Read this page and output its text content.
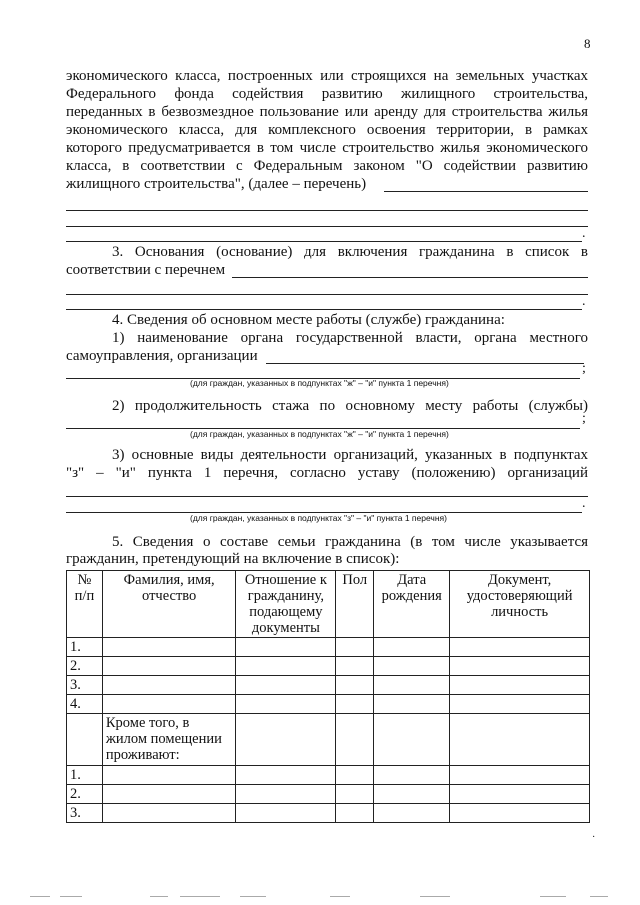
8
экономического класса, построенных или строящихся на земельных участках
Федерального фонда содействия развитию жилищного строительства,
переданных в безвозмездное пользование или аренду для строительства жилья
экономического класса, для комплексного освоения территории, в рамках
которого предусматривается в том числе строительство жилья экономического
класса, в соответствии с Федеральным законом "О содействии развитию
жилищного строительства", (далее – перечень)
.
3. Основания (основание) для включения гражданина в список в
соответствии с перечнем
.
4. Сведения об основном месте работы (службе) гражданина:
1) наименование органа государственной власти, органа местного
самоуправления, организации
;
(для граждан, указанных в подпунктах "ж" – "и" пункта 1 перечня)
2) продолжительность стажа по основному месту работы (службы)
;
(для граждан, указанных в подпунктах "ж" – "и" пункта 1 перечня)
3) основные виды деятельности организаций, указанных в подпунктах
"з" – "и" пункта 1 перечня, согласно уставу (положению) организаций
.
(для граждан, указанных в подпунктах "з" – "и" пункта 1 перечня)
5. Сведения о составе семьи гражданина (в том числе указывается
гражданин, претендующий на включение в список):
№ п/п	Фамилия, имя, отчество	Отношение к гражданину, подающему документы	Пол	Дата рождения	Документ, удостоверяющий личность
1.					
2.					
3.					
4.					
	Кроме того, в жилом помещении проживают:				
1.					
2.					
3.					
·
